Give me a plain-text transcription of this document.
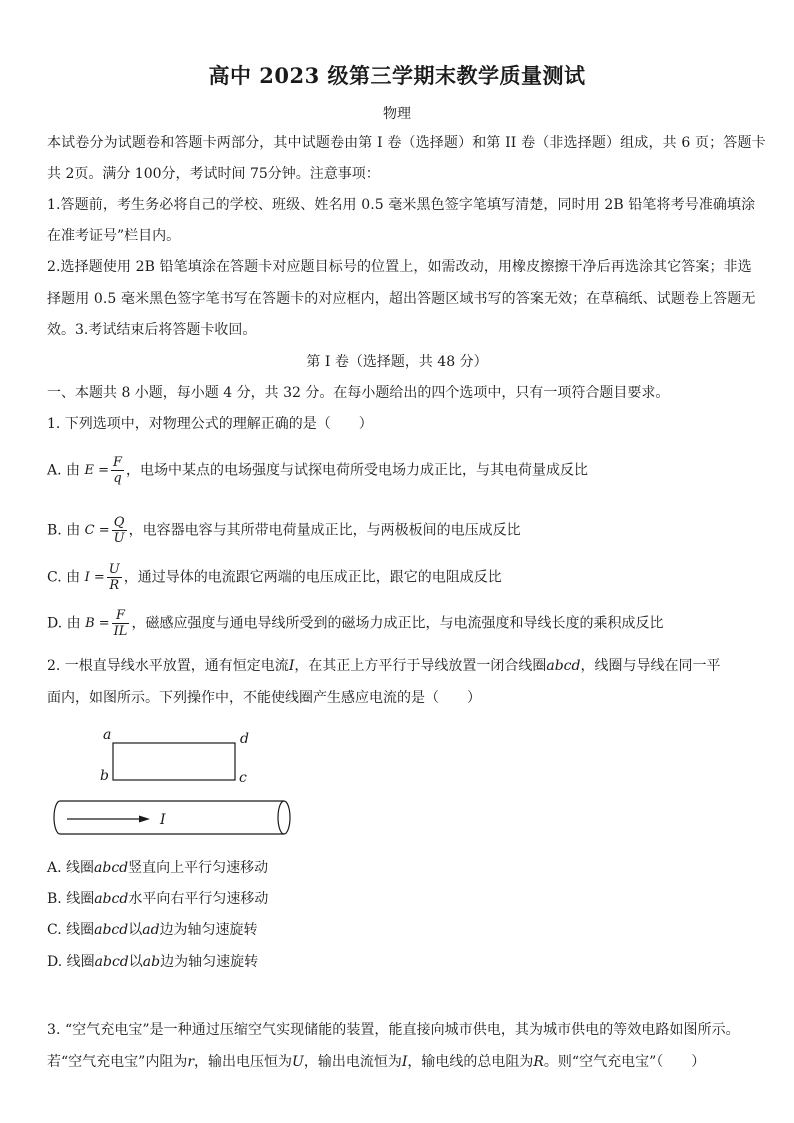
高中 2023 级第三学期末教学质量测试
物理
本试卷分为试题卷和答题卡两部分，其中试题卷由第 I 卷（选择题）和第 II 卷（非选择题）组成，共 6 页；答题卡
共 2页。满分 100分，考试时间 75分钟。注意事项：
1.答题前，考生务必将自己的学校、班级、姓名用 0.5 毫米黑色签字笔填写清楚，同时用 2B 铅笔将考号准确填涂
在准考证号”栏目内。
2.选择题使用 2B 铅笔填涂在答题卡对应题目标号的位置上，如需改动，用橡皮擦擦干净后再选涂其它答案；非选
择题用 0.5 毫米黑色签字笔书写在答题卡的对应框内，超出答题区域书写的答案无效；在草稿纸、试题卷上答题无
效。3.考试结束后将答题卡收回。
第 I 卷（选择题，共 48 分）
一、本题共 8 小题，每小题 4 分，共 32 分。在每小题给出的四个选项中，只有一项符合题目要求。
1. 下列选项中，对物理公式的理解正确的是（　　）
A. 由 $E = \frac{F}{q}$ ，电场中某点的电场强度与试探电荷所受电场力成正比，与其电荷量成反比
B. 由 $C = \frac{Q}{U}$ ，电容器电容与其所带电荷量成正比，与两极板间的电压成反比
C. 由 $I = \frac{U}{R}$ ，通过导体的电流跟它两端的电压成正比，跟它的电阻成反比
D. 由 $B = \frac{F}{IL}$ ，磁感应强度与通电导线所受到的磁场力成正比，与电流强度和导线长度的乘积成反比
2. 一根直导线水平放置，通有恒定电流I，在其正上方平行于导线放置一闭合线圈abcd，线圈与导线在同一平
面内，如图所示。下列操作中，不能使线圈产生感应电流的是（　　）
a
b	c
d
I
A. 线圈abcd竖直向上平行匀速移动
B. 线圈abcd水平向右平行匀速移动
C. 线圈abcd以ad边为轴匀速旋转
D. 线圈abcd以ab边为轴匀速旋转
3. “空气充电宝”是一种通过压缩空气实现储能的装置，能直接向城市供电，其为城市供电的等效电路如图所示。
若“空气充电宝”内阻为r，输出电压恒为U，输出电流恒为I，输电线的总电阻为R。则“空气充电宝”（　　）
